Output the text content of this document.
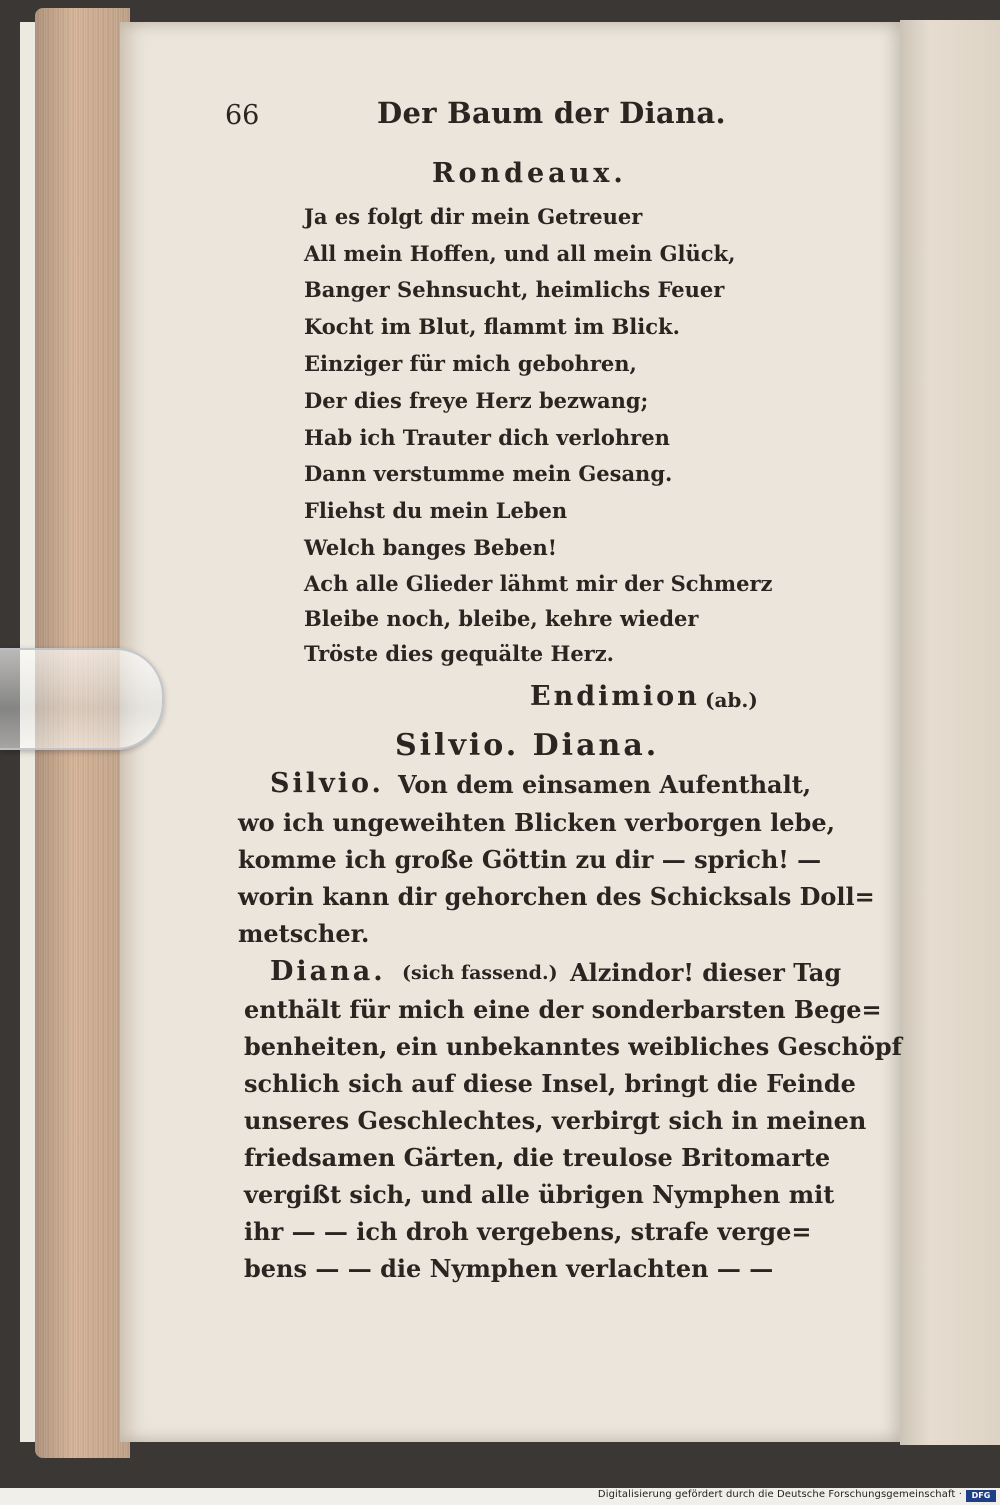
66	Der Baum der Diana.
Rondeaux.
Ja es folgt dir mein Getreuer
All mein Hoffen, und all mein Glück,
Banger Sehnsucht, heimlichs Feuer
Kocht im Blut, flammt im Blick.
Einziger für mich gebohren,
Der dies freye Herz bezwang;
Hab ich Trauter dich verlohren
Dann verstumme mein Gesang.
Fliehst du mein Leben
Welch banges Beben!
Ach alle Glieder lähmt mir der Schmerz
Bleibe noch, bleibe, kehre wieder
Tröste dies gequälte Herz.
Endimion (ab.)
Silvio. Diana.
Silvio. Von dem einsamen Aufenthalt,
wo ich ungeweihten Blicken verborgen lebe,
komme ich große Göttin zu dir — sprich! —
worin kann dir gehorchen des Schicksals Doll=
metscher.
Diana. (sich fassend.) Alzindor! dieser Tag
enthält für mich eine der sonderbarsten Bege=
benheiten, ein unbekanntes weibliches Geschöpf
schlich sich auf diese Insel, bringt die Feinde
unseres Geschlechtes, verbirgt sich in meinen
friedsamen Gärten, die treulose Britomarte
vergißt sich, und alle übrigen Nymphen mit
ihr — — ich droh vergebens, strafe verge=
bens — — die Nymphen verlachten — —
Digitalisierung gefördert durch die Deutsche Forschungsgemeinschaft ·	DFG
